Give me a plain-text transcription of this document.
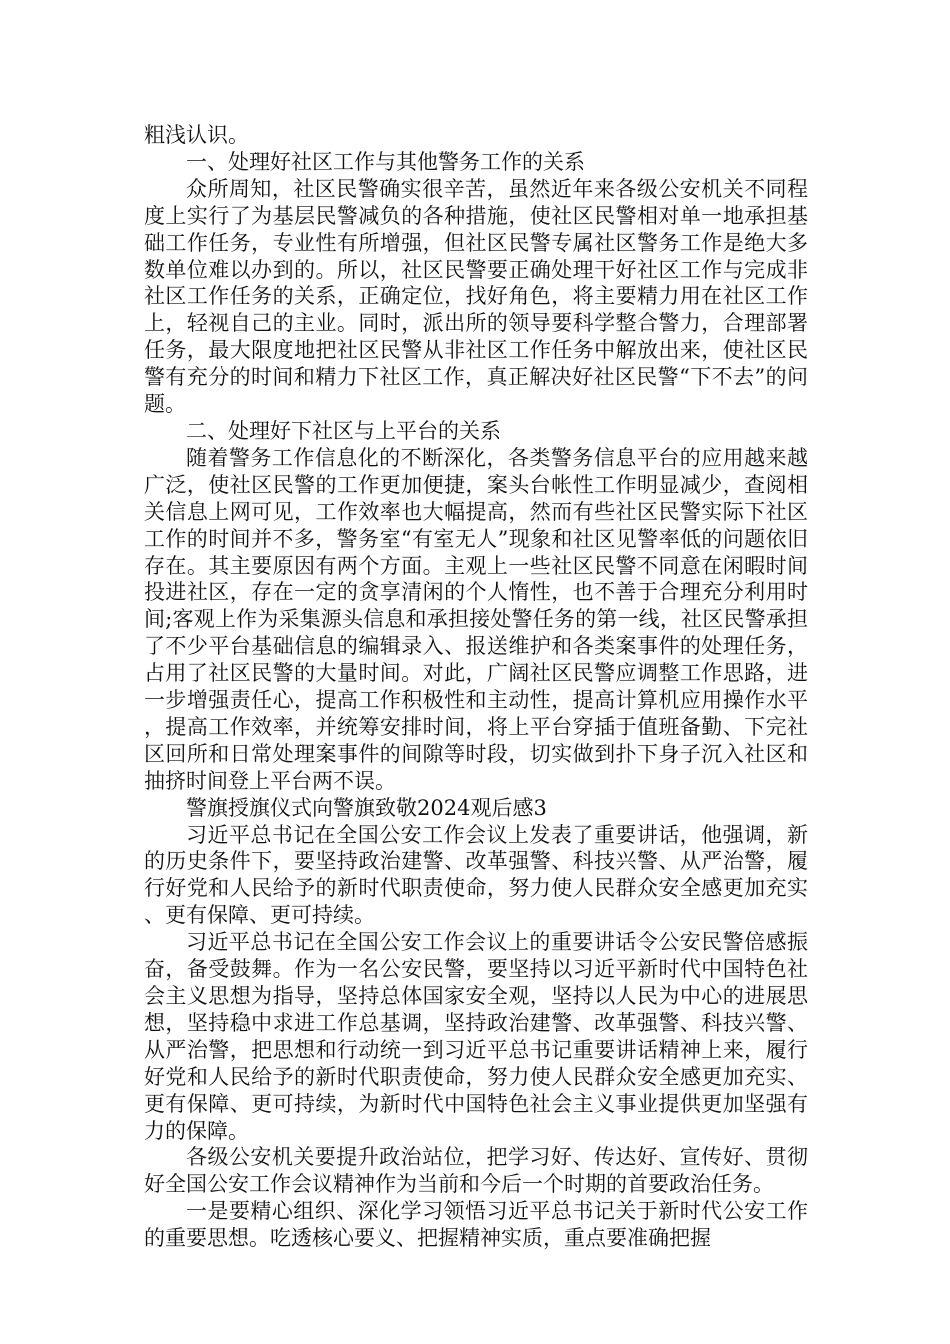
粗浅认识。

一、处理好社区工作与其他警务工作的关系

众所周知，社区民警确实很辛苦，虽然近年来各级公安机关不同程度上实行了为基层民警减负的各种措施，使社区民警相对单一地承担基础工作任务，专业性有所增强，但社区民警专属社区警务工作是绝大多数单位难以办到的。所以，社区民警要正确处理干好社区工作与完成非社区工作任务的关系，正确定位，找好角色，将主要精力用在社区工作上，轻视自己的主业。同时，派出所的领导要科学整合警力，合理部署任务，最大限度地把社区民警从非社区工作任务中解放出来，使社区民警有充分的时间和精力下社区工作，真正解决好社区民警“下不去”的问题。

二、处理好下社区与上平台的关系

随着警务工作信息化的不断深化，各类警务信息平台的应用越来越广泛，使社区民警的工作更加便捷，案头台帐性工作明显减少，查阅相关信息上网可见，工作效率也大幅提高，然而有些社区民警实际下社区工作的时间并不多，警务室“有室无人”现象和社区见警率低的问题依旧存在。其主要原因有两个方面。主观上一些社区民警不同意在闲暇时间投进社区，存在一定的贪享清闲的个人惰性，也不善于合理充分利用时间;客观上作为采集源头信息和承担接处警任务的第一线，社区民警承担了不少平台基础信息的编辑录入、报送维护和各类案事件的处理任务，占用了社区民警的大量时间。对此，广阔社区民警应调整工作思路，进一步增强责任心，提高工作积极性和主动性，提高计算机应用操作水平，提高工作效率，并统筹安排时间，将上平台穿插于值班备勤、下完社区回所和日常处理案事件的间隙等时段，切实做到扑下身子沉入社区和抽挤时间登上平台两不误。

警旗授旗仪式向警旗致敬2024观后感3

习近平总书记在全国公安工作会议上发表了重要讲话，他强调，新的历史条件下，要坚持政治建警、改革强警、科技兴警、从严治警，履行好党和人民给予的新时代职责使命，努力使人民群众安全感更加充实、更有保障、更可持续。

习近平总书记在全国公安工作会议上的重要讲话令公安民警倍感振奋，备受鼓舞。作为一名公安民警，要坚持以习近平新时代中国特色社会主义思想为指导，坚持总体国家安全观，坚持以人民为中心的进展思想，坚持稳中求进工作总基调，坚持政治建警、改革强警、科技兴警、从严治警，把思想和行动统一到习近平总书记重要讲话精神上来，履行好党和人民给予的新时代职责使命，努力使人民群众安全感更加充实、更有保障、更可持续，为新时代中国特色社会主义事业提供更加坚强有力的保障。

各级公安机关要提升政治站位，把学习好、传达好、宣传好、贯彻好全国公安工作会议精神作为当前和今后一个时期的首要政治任务。

一是要精心组织、深化学习领悟习近平总书记关于新时代公安工作的重要思想。吃透核心要义、把握精神实质，重点要准确把握
